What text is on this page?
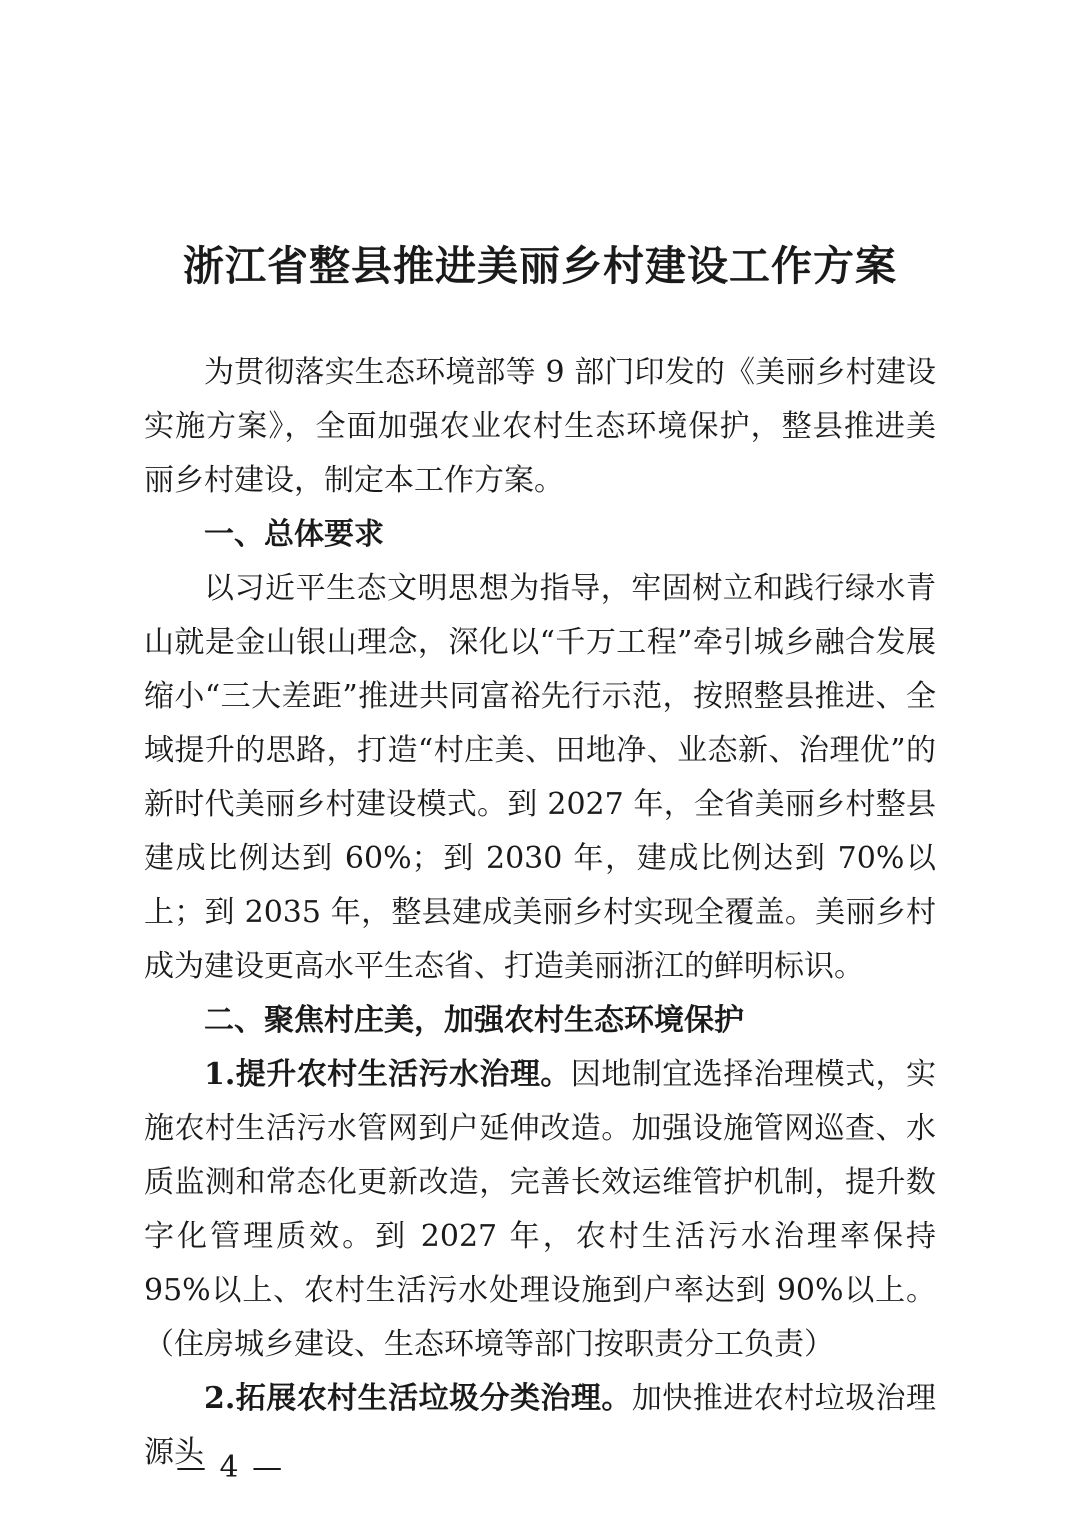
浙江省整县推进美丽乡村建设工作方案

为贯彻落实生态环境部等 9 部门印发的《美丽乡村建设实施方案》，全面加强农业农村生态环境保护，整县推进美丽乡村建设，制定本工作方案。

一、总体要求

以习近平生态文明思想为指导，牢固树立和践行绿水青山就是金山银山理念，深化以“千万工程”牵引城乡融合发展缩小“三大差距”推进共同富裕先行示范，按照整县推进、全域提升的思路，打造“村庄美、田地净、业态新、治理优”的新时代美丽乡村建设模式。到 2027 年，全省美丽乡村整县建成比例达到 60%；到 2030 年，建成比例达到 70%以上；到 2035 年，整县建成美丽乡村实现全覆盖。美丽乡村成为建设更高水平生态省、打造美丽浙江的鲜明标识。

二、聚焦村庄美，加强农村生态环境保护

1.提升农村生活污水治理。因地制宜选择治理模式，实施农村生活污水管网到户延伸改造。加强设施管网巡查、水质监测和常态化更新改造，完善长效运维管护机制，提升数字化管理质效。到 2027 年，农村生活污水治理率保持 95%以上、农村生活污水处理设施到户率达到 90%以上。（住房城乡建设、生态环境等部门按职责分工负责）

2.拓展农村生活垃圾分类治理。加快推进农村垃圾治理源头

— 4 —
